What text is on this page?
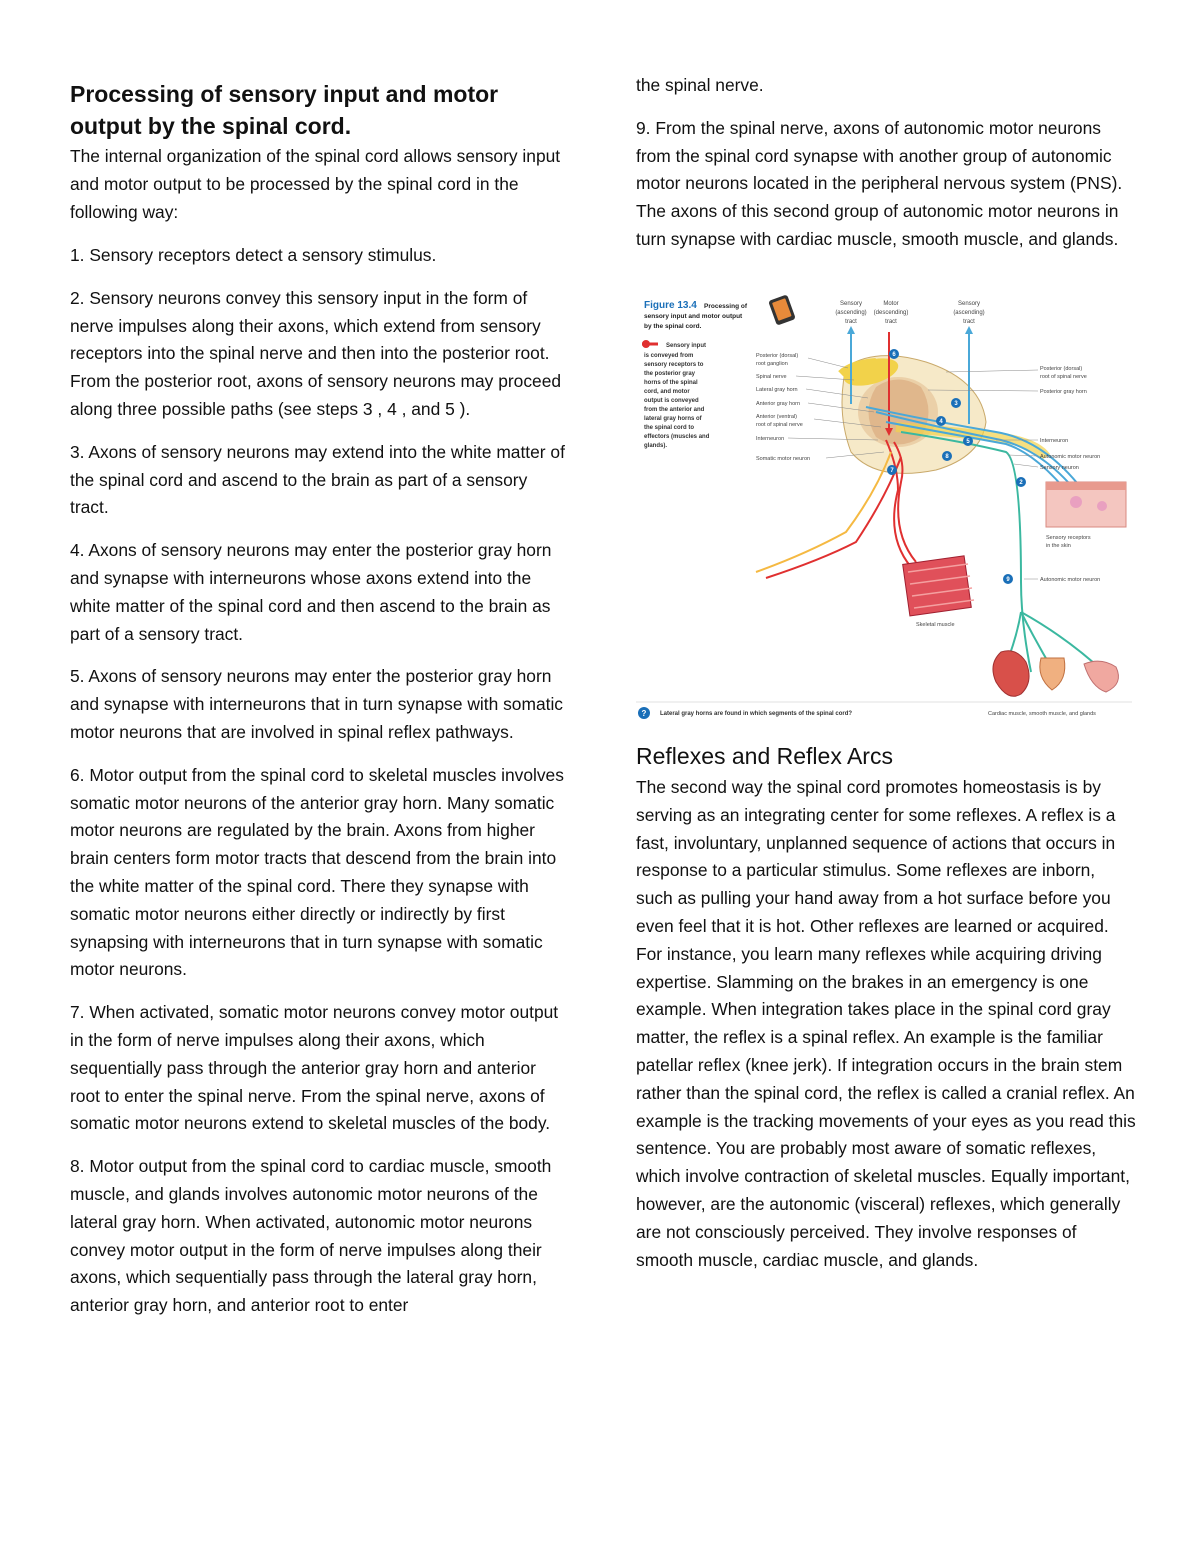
Processing of sensory input and motor output by the spinal cord.

The internal organization of the spinal cord allows sensory input and motor output to be processed by the spinal cord in the following way:

1. Sensory receptors detect a sensory stimulus.

2. Sensory neurons convey this sensory input in the form of nerve impulses along their axons, which extend from sensory receptors into the spinal nerve and then into the posterior root. From the posterior root, axons of sensory neurons may proceed along three possible paths (see steps 3 , 4 , and 5 ).

3. Axons of sensory neurons may extend into the white matter of the spinal cord and ascend to the brain as part of a sensory tract.

4. Axons of sensory neurons may enter the posterior gray horn and synapse with interneurons whose axons extend into the white matter of the spinal cord and then ascend to the brain as part of a sensory tract.

5. Axons of sensory neurons may enter the posterior gray horn and synapse with interneurons that in turn synapse with somatic motor neurons that are involved in spinal reflex pathways.

6. Motor output from the spinal cord to skeletal muscles involves somatic motor neurons of the anterior gray horn. Many somatic motor neurons are regulated by the brain. Axons from higher brain centers form motor tracts that descend from the brain into the white matter of the spinal cord. There they synapse with somatic motor neurons either directly or indirectly by first synapsing with interneurons that in turn synapse with somatic motor neurons.

7. When activated, somatic motor neurons convey motor output in the form of nerve impulses along their axons, which sequentially pass through the anterior gray horn and anterior root to enter the spinal nerve. From the spinal nerve, axons of somatic motor neurons extend to skeletal muscles of the body.

8. Motor output from the spinal cord to cardiac muscle, smooth muscle, and glands involves autonomic motor neurons of the lateral gray horn. When activated, autonomic motor neurons convey motor output in the form of nerve impulses along their axons, which sequentially pass through the lateral gray horn, anterior gray horn, and anterior root to enter

the spinal nerve.

9. From the spinal nerve, axons of autonomic motor neurons from the spinal cord synapse with another group of autonomic motor neurons located in the peripheral nervous system (PNS). The axons of this second group of autonomic motor neurons in turn synapse with cardiac muscle, smooth muscle, and glands.

Figure 13.4 Processing of
sensory input and motor output
by the spinal cord.
Sensory input
is conveyed from
sensory receptors to
the posterior gray
horns of the spinal
cord, and motor
output is conveyed
from the anterior and
lateral gray horns of
the spinal cord to
effectors (muscles and
glands).
Sensory
(ascending)
tract
Motor
(descending)
tract
Sensory
(ascending)
tract
Sensory receptors
in the skin
Skeletal muscle
Cardiac muscle, smooth muscle, and glands
Posterior (dorsal)
root ganglion
Spinal nerve
Lateral gray horn
Anterior gray horn
Anterior (ventral)
root of spinal nerve
Interneuron
Somatic motor neuron
Posterior (dorsal)
root of spinal nerve
Posterior gray horn
Interneuron
Autonomic motor neuron
Sensory neuron
Autonomic motor neuron
2
3
4
5
6
7
8
9
? Lateral gray horns are found in which segments of the spinal cord?
Reflexes and Reflex Arcs

The second way the spinal cord promotes homeostasis is by serving as an integrating center for some reflexes. A reflex is a fast, involuntary, unplanned sequence of actions that occurs in response to a particular stimulus. Some reflexes are inborn, such as pulling your hand away from a hot surface before you even feel that it is hot. Other reflexes are learned or acquired. For instance, you learn many reflexes while acquiring driving expertise. Slamming on the brakes in an emergency is one example. When integration takes place in the spinal cord gray matter, the reflex is a spinal reflex. An example is the familiar patellar reflex (knee jerk). If integration occurs in the brain stem rather than the spinal cord, the reflex is called a cranial reflex. An example is the tracking movements of your eyes as you read this sentence. You are probably most aware of somatic reflexes, which involve contraction of skeletal muscles. Equally important, however, are the autonomic (visceral) reflexes, which generally are not consciously perceived. They involve responses of smooth muscle, cardiac muscle, and glands.
